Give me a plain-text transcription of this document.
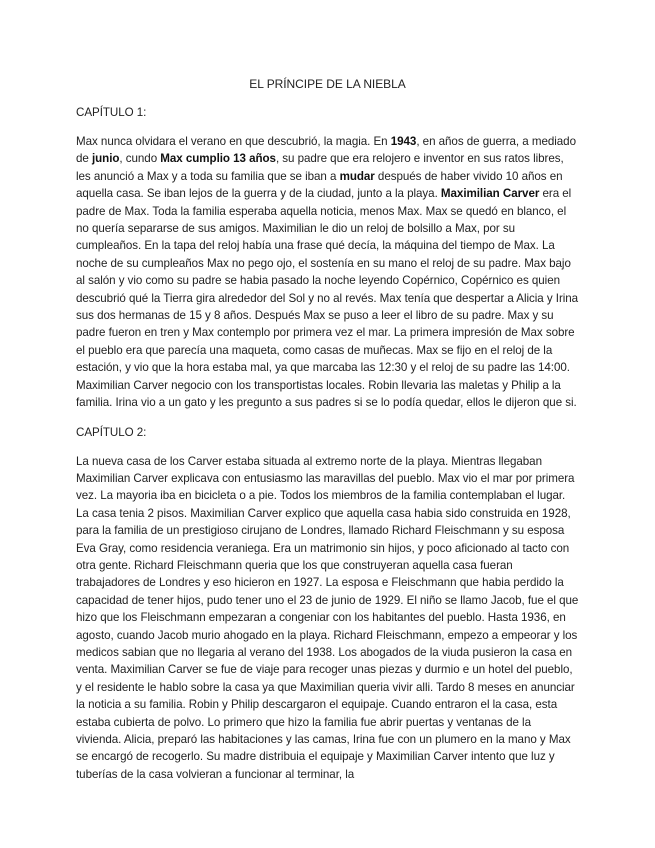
EL PRÍNCIPE DE LA NIEBLA

CAPÍTULO 1:

Max nunca olvidara el verano en que descubrió, la magia. En 1943, en años de guerra, a mediado de junio, cundo Max cumplio 13 años, su padre que era relojero e inventor en sus ratos libres, les anunció a Max y a toda su familia que se iban a mudar después de haber vivido 10 años en aquella casa. Se iban lejos de la guerra y de la ciudad, junto a la playa. Maximilian Carver era el padre de Max. Toda la familia esperaba aquella noticia, menos Max. Max se quedó en blanco, el no quería separarse de sus amigos. Maximilian le dio un reloj de bolsillo a Max, por su cumpleaños. En la tapa del reloj había una frase qué decía, la máquina del tiempo de Max. La noche de su cumpleaños Max no pego ojo, el sostenía en su mano el reloj de su padre. Max bajo al salón y vio como su padre se habia pasado la noche leyendo Copérnico, Copérnico es quien descubrió qué la Tierra gira alrededor del Sol y no al revés. Max tenía que despertar a Alicia y Irina sus dos hermanas de 15 y 8 años. Después Max se puso a leer el libro de su padre. Max y su padre fueron en tren y Max contemplo por primera vez el mar. La primera impresión de Max sobre el pueblo era que parecía una maqueta, como casas de muñecas. Max se fijo en el reloj de la estación, y vio que la hora estaba mal, ya que marcaba las 12:30 y el reloj de su padre las 14:00. Maximilian Carver negocio con los transportistas locales. Robin llevaria las maletas y Philip a la familia. Irina vio a un gato y les pregunto a sus padres si se lo podía quedar, ellos le dijeron que si.

CAPÍTULO 2:

La nueva casa de los Carver estaba situada al extremo norte de la playa. Mientras llegaban Maximilian Carver explicava con entusiasmo las maravillas del pueblo. Max vio el mar por primera vez. La mayoria iba en bicicleta o a pie. Todos los miembros de la familia contemplaban el lugar. La casa tenia 2 pisos. Maximilian Carver explico que aquella casa habia sido construida en 1928, para la familia de un prestigioso cirujano de Londres, llamado Richard Fleischmann y su esposa Eva Gray, como residencia veraniega. Era un matrimonio sin hijos, y poco aficionado al tacto con otra gente. Richard Fleischmann queria que los que construyeran aquella casa fueran trabajadores de Londres y eso hicieron en 1927. La esposa e Fleischmann que habia perdido la capacidad de tener hijos, pudo tener uno el 23 de junio de 1929. El niño se llamo Jacob, fue el que hizo que los Fleischmann empezaran a congeniar con los habitantes del pueblo. Hasta 1936, en agosto, cuando Jacob murio ahogado en la playa. Richard Fleischmann, empezo a empeorar y los medicos sabian que no llegaria al verano del 1938. Los abogados de la viuda pusieron la casa en venta. Maximilian Carver se fue de viaje para recoger unas piezas y durmio e un hotel del pueblo, y el residente le hablo sobre la casa ya que Maximilian queria vivir alli. Tardo 8 meses en anunciar la noticia a su familia. Robin y Philip descargaron el equipaje. Cuando entraron el la casa, esta estaba cubierta de polvo. Lo primero que hizo la familia fue abrir puertas y ventanas de la vivienda. Alicia, preparó las habitaciones y las camas, Irina fue con un plumero en la mano y Max se encargó de recogerlo. Su madre distribuia el equipaje y Maximilian Carver intento que luz y tuberías de la casa volvieran a funcionar al terminar, la
